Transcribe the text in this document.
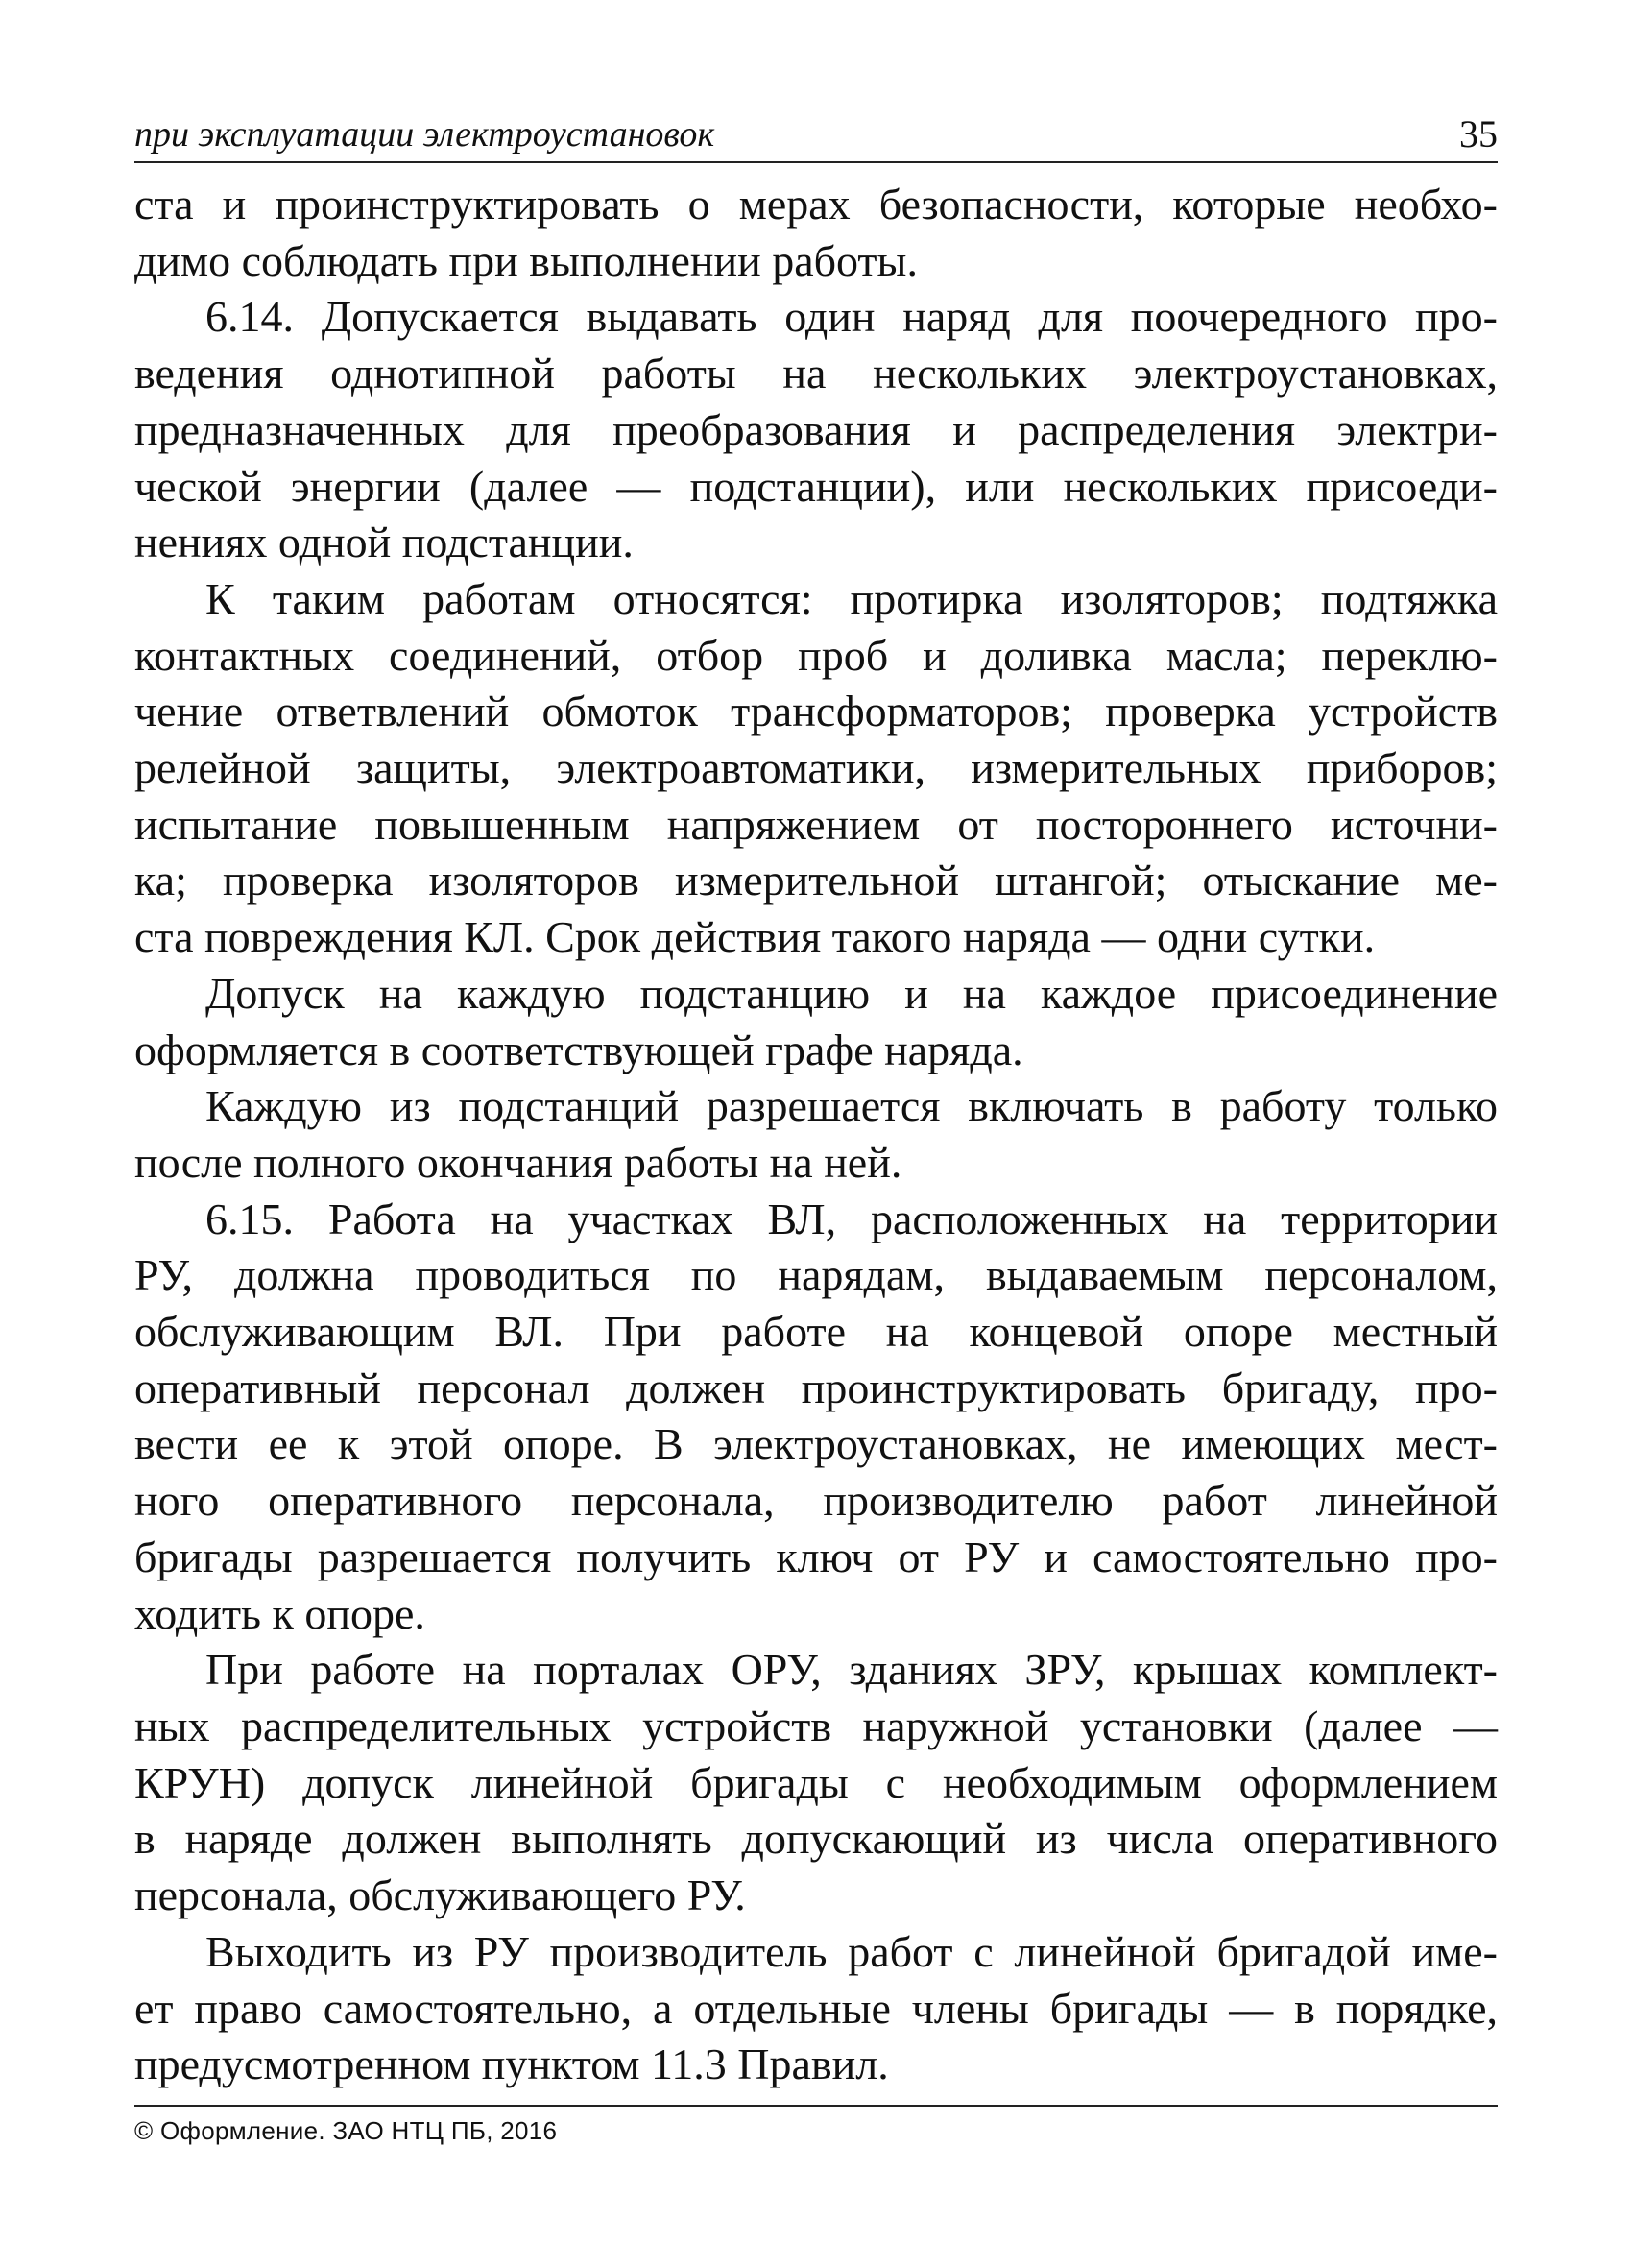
при эксплуатации электроустановок	35
ста и проинструктировать о мерах безопасности, которые необхо-
димо соблюдать при выполнении работы.
6.14. Допускается выдавать один наряд для поочередного про-
ведения однотипной работы на нескольких электроустановках,
предназначенных для преобразования и распределения электри-
ческой энергии (далее — подстанции), или нескольких присоеди-
нениях одной подстанции.
К таким работам относятся: протирка изоляторов; подтяжка
контактных соединений, отбор проб и доливка масла; переклю-
чение ответвлений обмоток трансформаторов; проверка устройств
релейной защиты, электроавтоматики, измерительных приборов;
испытание повышенным напряжением от постороннего источни-
ка; проверка изоляторов измерительной штангой; отыскание ме-
ста повреждения КЛ. Срок действия такого наряда — одни сутки.
Допуск на каждую подстанцию и на каждое присоединение
оформляется в соответствующей графе наряда.
Каждую из подстанций разрешается включать в работу только
после полного окончания работы на ней.
6.15. Работа на участках ВЛ, расположенных на территории
РУ, должна проводиться по нарядам, выдаваемым персоналом,
обслуживающим ВЛ. При работе на концевой опоре местный
оперативный персонал должен проинструктировать бригаду, про-
вести ее к этой опоре. В электроустановках, не имеющих мест-
ного оперативного персонала, производителю работ линейной
бригады разрешается получить ключ от РУ и самостоятельно про-
ходить к опоре.
При работе на порталах ОРУ, зданиях ЗРУ, крышах комплект-
ных распределительных устройств наружной установки (далее —
КРУН) допуск линейной бригады с необходимым оформлением
в наряде должен выполнять допускающий из числа оперативного
персонала, обслуживающего РУ.
Выходить из РУ производитель работ с линейной бригадой име-
ет право самостоятельно, а отдельные члены бригады — в порядке,
предусмотренном пунктом 11.3 Правил.
© Оформление. ЗАО НТЦ ПБ, 2016
